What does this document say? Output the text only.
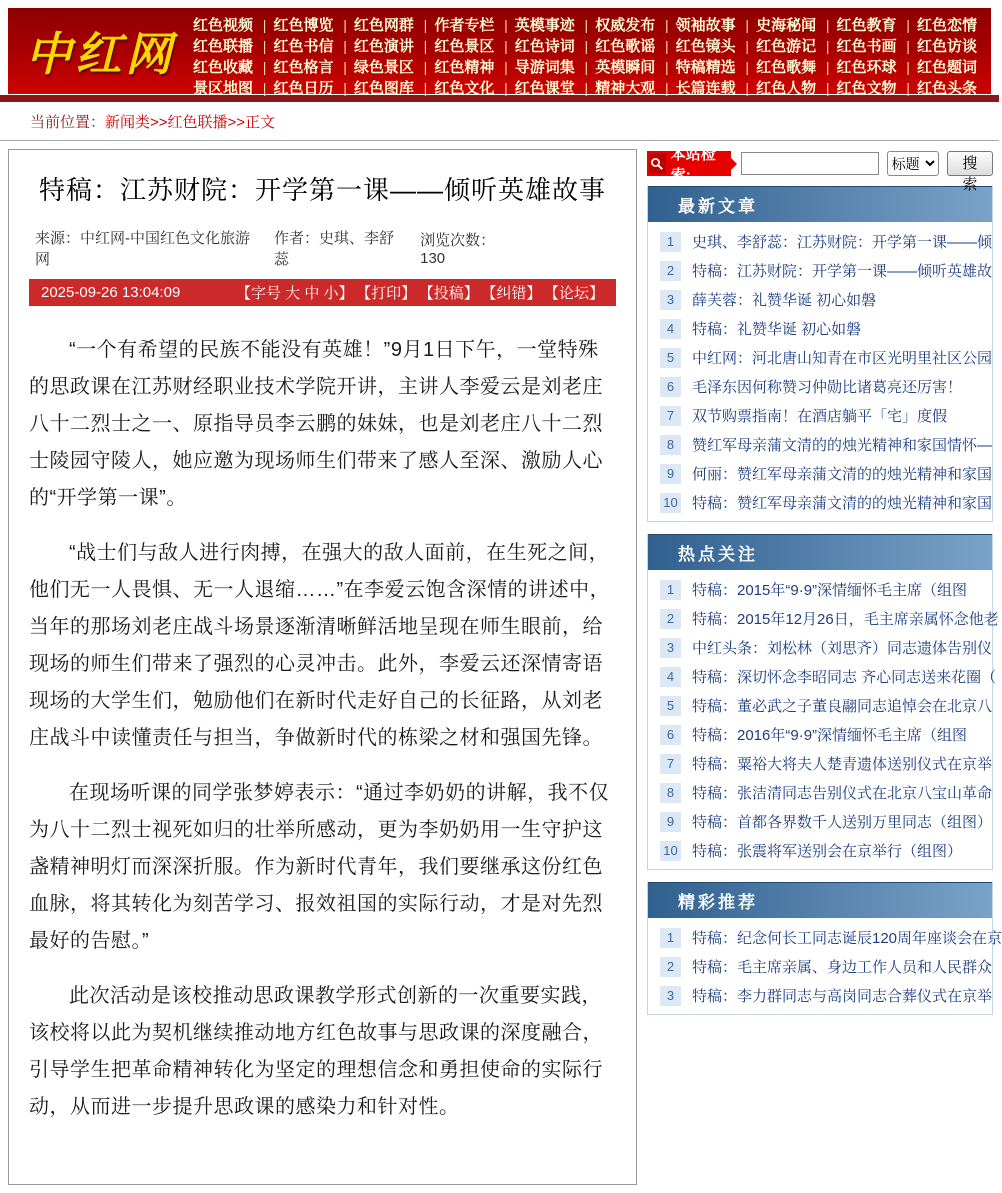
中红网
红色视频 | 红色博览 | 红色网群 | 作者专栏 | 英模事迹 | 权威发布 | 领袖故事 | 史海秘闻 | 红色教育 | 红色恋情
红色联播 | 红色书信 | 红色演讲 | 红色景区 | 红色诗词 | 红色歌谣 | 红色镜头 | 红色游记 | 红色书画 | 红色访谈
红色收藏 | 红色格言 | 绿色景区 | 红色精神 | 导游词集 | 英模瞬间 | 特稿精选 | 红色歌舞 | 红色环球 | 红色题词
景区地图 | 红色日历 | 红色图库 | 红色文化 | 红色课堂 | 精神大观 | 长篇连载 | 红色人物 | 红色文物 | 红色头条
当前位置：新闻类>>红色联播>>正文
特稿：江苏财院：开学第一课——倾听英雄故事
来源：中红网-中国红色文化旅游网
作者：史琪、李舒蕊
浏览次数：130
2025-09-26 13:04:09	【字号 大 中 小】 【打印】 【投稿】 【纠错】 【论坛】

“一个有希望的民族不能没有英雄！”9月1日下午，一堂特殊的思政课在江苏财经职业技术学院开讲，主讲人李爱云是刘老庄八十二烈士之一、原指导员李云鹏的妹妹，也是刘老庄八十二烈士陵园守陵人，她应邀为现场师生们带来了感人至深、激励人心的“开学第一课”。

“战士们与敌人进行肉搏，在强大的敌人面前，在生死之间，他们无一人畏惧、无一人退缩……”在李爱云饱含深情的讲述中，当年的那场刘老庄战斗场景逐渐清晰鲜活地呈现在师生眼前，给现场的师生们带来了强烈的心灵冲击。此外，李爱云还深情寄语现场的大学生们，勉励他们在新时代走好自己的长征路，从刘老庄战斗中读懂责任与担当，争做新时代的栋梁之材和强国先锋。

在现场听课的同学张梦婷表示：“通过李奶奶的讲解，我不仅为八十二烈士视死如归的壮举所感动，更为李奶奶用一生守护这盏精神明灯而深深折服。作为新时代青年，我们要继承这份红色血脉，将其转化为刻苦学习、报效祖国的实际行动，才是对先烈最好的告慰。”

此次活动是该校推动思政课教学形式创新的一次重要实践，该校将以此为契机继续推动地方红色故事与思政课的深度融合，引导学生把革命精神转化为坚定的理想信念和勇担使命的实际行动，从而进一步提升思政课的感染力和针对性。

本站检索:
标题
搜索
最新文章
1	史琪、李舒蕊：江苏财院：开学第一课——倾
2	特稿：江苏财院：开学第一课——倾听英雄故
3	薛芙蓉：礼赞华诞 初心如磐
4	特稿：礼赞华诞 初心如磐
5	中红网：河北唐山知青在市区光明里社区公园
6	毛泽东因何称赞习仲勋比诸葛亮还厉害！
7	双节购票指南！在酒店躺平「宅」度假
8	赞红军母亲蒲文清的的烛光精神和家国情怀—
9	何丽：赞红军母亲蒲文清的的烛光精神和家国
10 特稿：赞红军母亲蒲文清的的烛光精神和家国
热点关注
1	特稿：2015年“9·9”深情缅怀毛主席（组图
2	特稿：2015年12月26日，毛主席亲属怀念他老
3	中红头条：刘松林（刘思齐）同志遗体告别仪
4	特稿：深切怀念李昭同志 齐心同志送来花圈（
5	特稿：董必武之子董良翮同志追悼会在北京八
6	特稿：2016年“9·9”深情缅怀毛主席（组图
7	特稿：粟裕大将夫人楚青遗体送别仪式在京举
8	特稿：张洁清同志告别仪式在北京八宝山革命
9	特稿：首都各界数千人送别万里同志（组图）
10 特稿：张震将军送别会在京举行（组图）
精彩推荐
1	特稿：纪念何长工同志诞辰120周年座谈会在京
2	特稿：毛主席亲属、身边工作人员和人民群众
3	特稿：李力群同志与高岗同志合葬仪式在京举
